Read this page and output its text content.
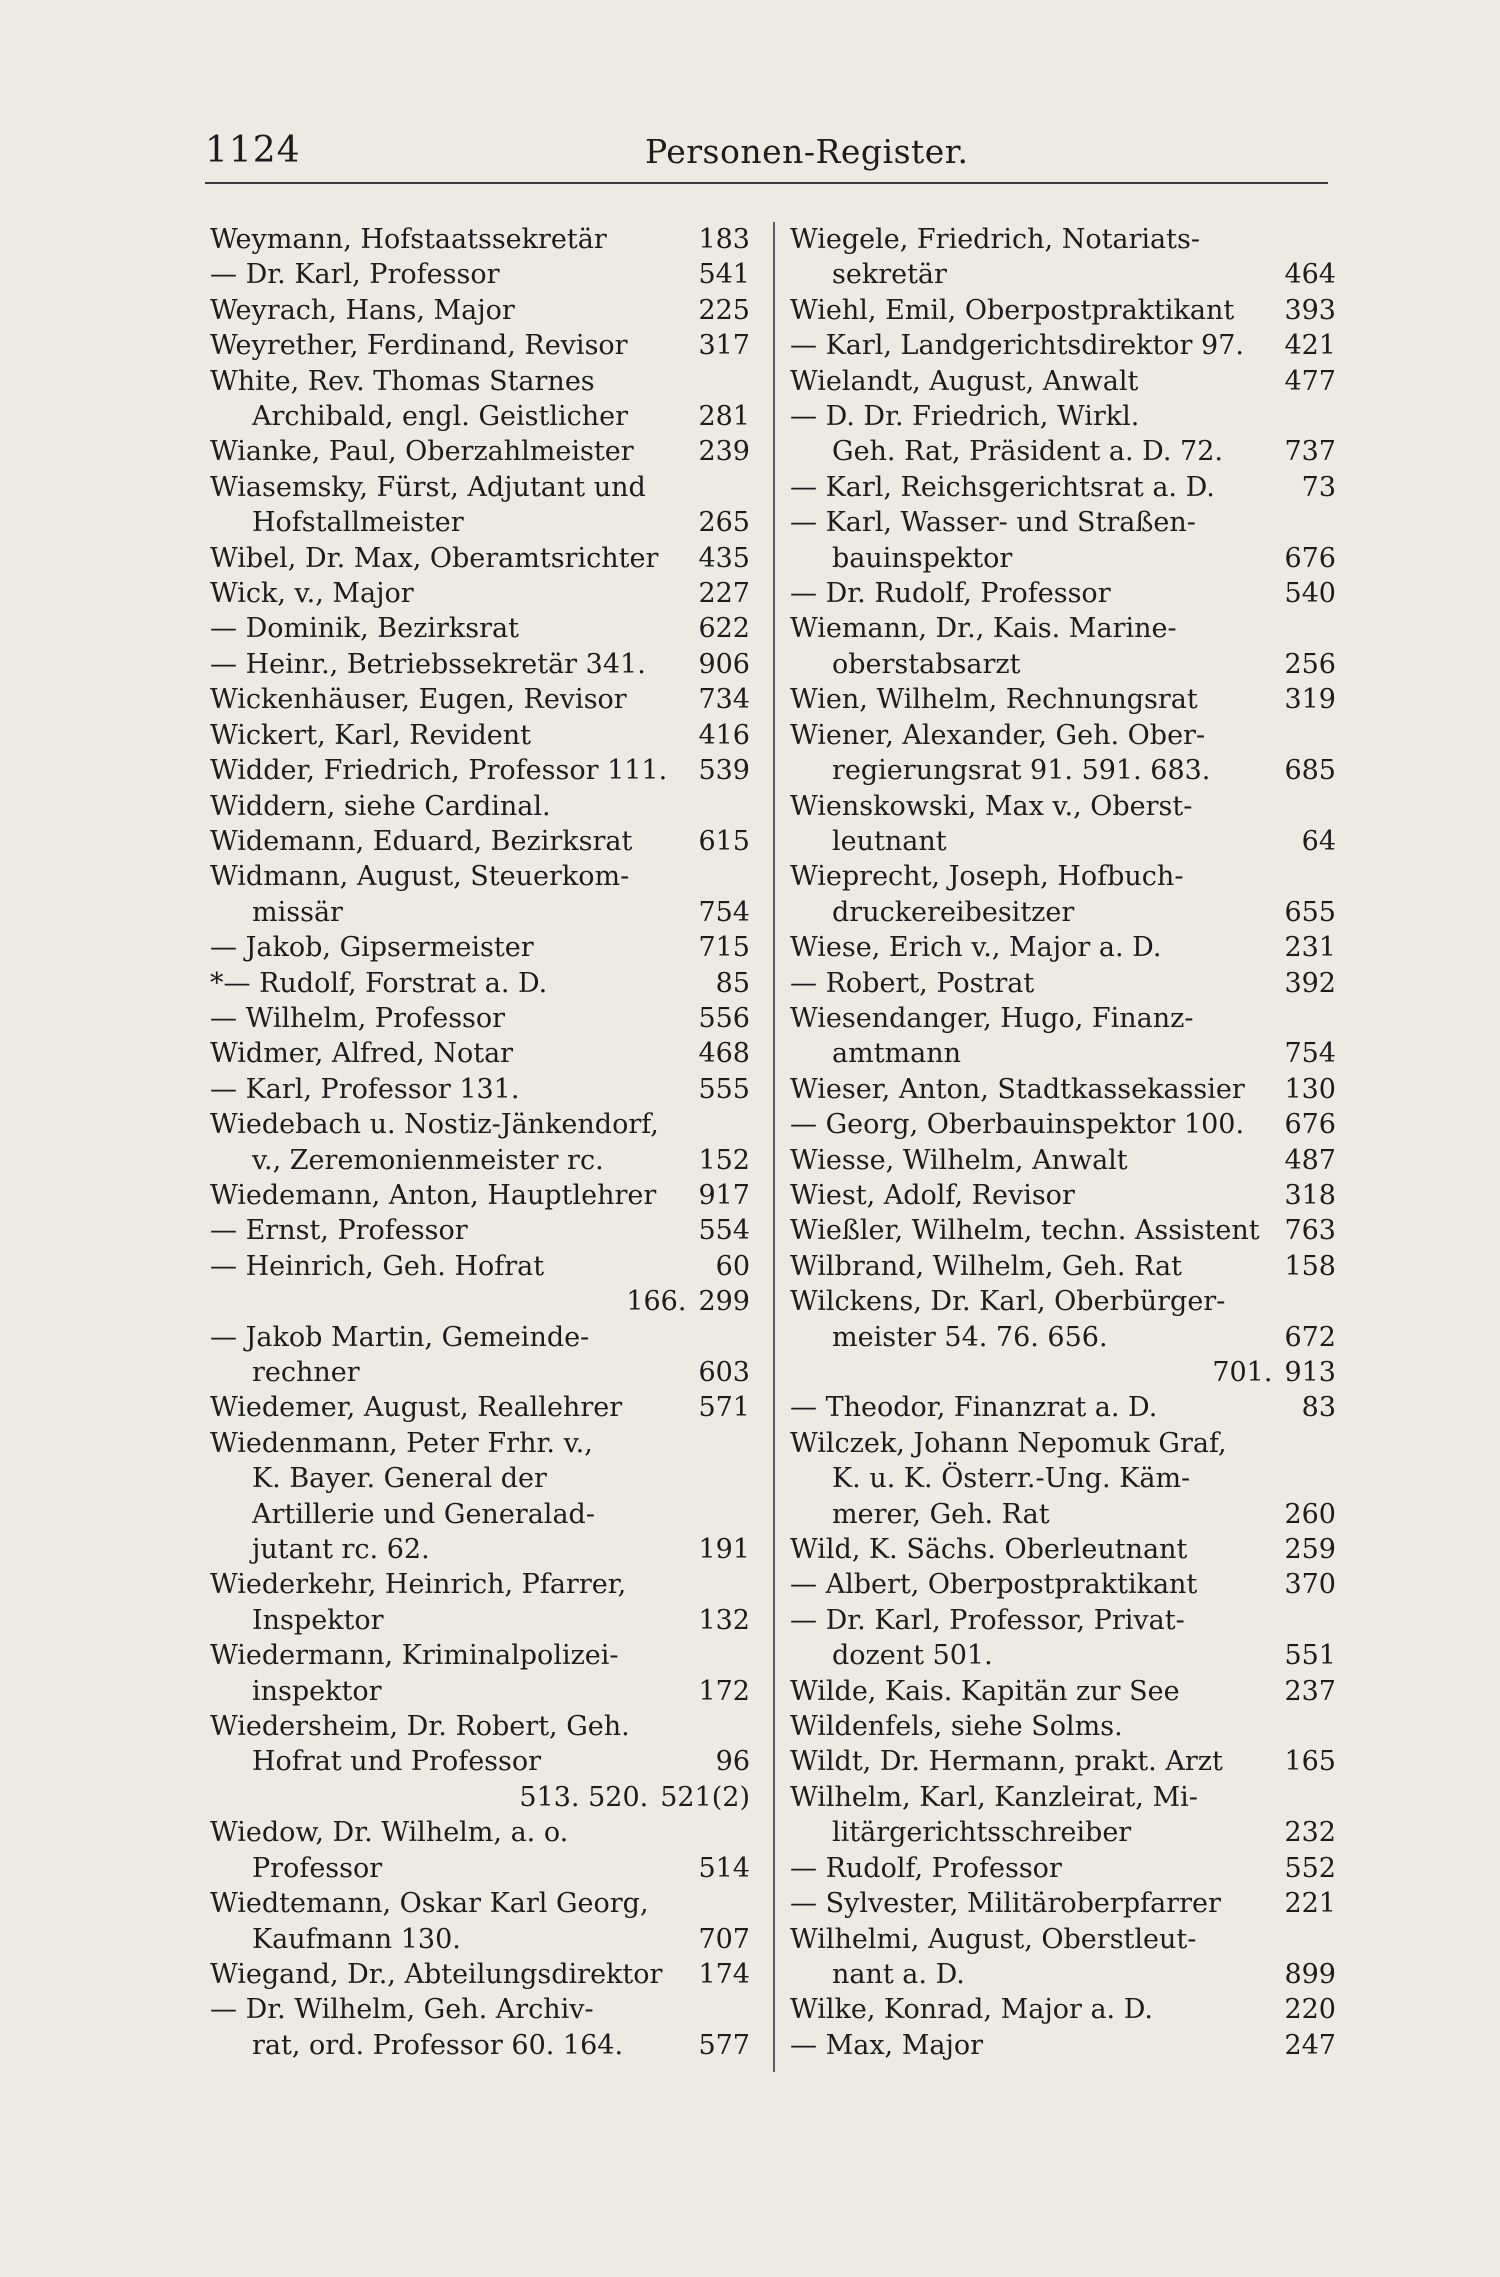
1124	Personen-Register.
Weymann, Hofstaatssekretär	183
— Dr. Karl, Professor	541
Weyrach, Hans, Major	225
Weyrether, Ferdinand, Revisor	317
White, Rev. Thomas Starnes
Archibald, engl. Geistlicher	281
Wianke, Paul, Oberzahlmeister	239
Wiasemsky, Fürst, Adjutant und
Hofstallmeister	265
Wibel, Dr. Max, Oberamtsrichter	435
Wick, v., Major	227
— Dominik, Bezirksrat	622
— Heinr., Betriebssekretär 341.	906
Wickenhäuser, Eugen, Revisor	734
Wickert, Karl, Revident	416
Widder, Friedrich, Professor 111.	539
Widdern, siehe Cardinal.
Widemann, Eduard, Bezirksrat	615
Widmann, August, Steuerkom-
missär	754
— Jakob, Gipsermeister	715
*— Rudolf, Forstrat a. D.	85
— Wilhelm, Professor	556
Widmer, Alfred, Notar	468
— Karl, Professor 131.	555
Wiedebach u. Nostiz-Jänkendorf,
v., Zeremonienmeister rc.	152
Wiedemann, Anton, Hauptlehrer	917
— Ernst, Professor	554
— Heinrich, Geh. Hofrat	60
166. 299
— Jakob Martin, Gemeinde-
rechner	603
Wiedemer, August, Reallehrer	571
Wiedenmann, Peter Frhr. v.,
K. Bayer. General der
Artillerie und Generalad-
jutant rc. 62.	191
Wiederkehr, Heinrich, Pfarrer,
Inspektor	132
Wiedermann, Kriminalpolizei-
inspektor	172
Wiedersheim, Dr. Robert, Geh.
Hofrat und Professor	96
513. 520. 521(2)
Wiedow, Dr. Wilhelm, a. o.
Professor	514
Wiedtemann, Oskar Karl Georg,
Kaufmann 130.	707
Wiegand, Dr., Abteilungsdirektor	174
— Dr. Wilhelm, Geh. Archiv-
rat, ord. Professor 60. 164.	577
Wiegele, Friedrich, Notariats-
sekretär	464
Wiehl, Emil, Oberpostpraktikant	393
— Karl, Landgerichtsdirektor 97.	421
Wielandt, August, Anwalt	477
— D. Dr. Friedrich, Wirkl.
Geh. Rat, Präsident a. D. 72.	737
— Karl, Reichsgerichtsrat a. D.	73
— Karl, Wasser- und Straßen-
bauinspektor	676
— Dr. Rudolf, Professor	540
Wiemann, Dr., Kais. Marine-
oberstabsarzt	256
Wien, Wilhelm, Rechnungsrat	319
Wiener, Alexander, Geh. Ober-
regierungsrat 91. 591. 683.	685
Wienskowski, Max v., Oberst-
leutnant	64
Wieprecht, Joseph, Hofbuch-
druckereibesitzer	655
Wiese, Erich v., Major a. D.	231
— Robert, Postrat	392
Wiesendanger, Hugo, Finanz-
amtmann	754
Wieser, Anton, Stadtkassekassier	130
— Georg, Oberbauinspektor 100.	676
Wiesse, Wilhelm, Anwalt	487
Wiest, Adolf, Revisor	318
Wießler, Wilhelm, techn. Assistent 763
Wilbrand, Wilhelm, Geh. Rat	158
Wilckens, Dr. Karl, Oberbürger-
meister 54. 76. 656.	672
701. 913
— Theodor, Finanzrat a. D.	83
Wilczek, Johann Nepomuk Graf,
K. u. K. Österr.-Ung. Käm-
merer, Geh. Rat	260
Wild, K. Sächs. Oberleutnant	259
— Albert, Oberpostpraktikant	370
— Dr. Karl, Professor, Privat-
dozent 501.	551
Wilde, Kais. Kapitän zur See	237
Wildenfels, siehe Solms.
Wildt, Dr. Hermann, prakt. Arzt	165
Wilhelm, Karl, Kanzleirat, Mi-
litärgerichtsschreiber	232
— Rudolf, Professor	552
— Sylvester, Militäroberpfarrer	221
Wilhelmi, August, Oberstleut-
nant a. D.	899
Wilke, Konrad, Major a. D.	220
— Max, Major	247
